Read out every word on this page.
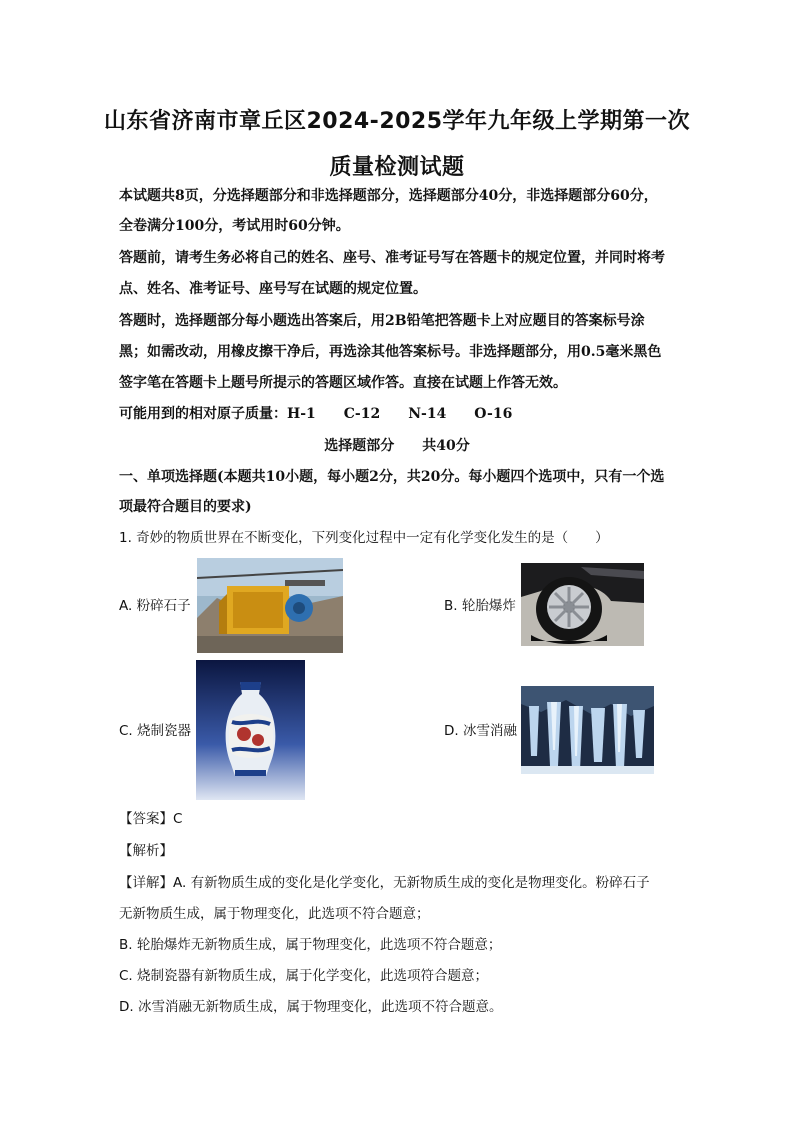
山东省济南市章丘区2024-2025学年九年级上学期第一次
质量检测试题
本试题共8页，分选择题部分和非选择题部分，选择题部分40分，非选择题部分60分，
全卷满分100分，考试用时60分钟。
答题前，请考生务必将自己的姓名、座号、准考证号写在答题卡的规定位置，并同时将考
点、姓名、准考证号、座号写在试题的规定位置。
答题时，选择题部分每小题选出答案后，用2B铅笔把答题卡上对应题目的答案标号涂
黑；如需改动，用橡皮擦干净后，再选涂其他答案标号。非选择题部分，用0.5毫米黑色
签字笔在答题卡上题号所提示的答题区域作答。直接在试题上作答无效。
可能用到的相对原子质量：H-1　　C-12　　N-14　　O-16
选择题部分　　共40分
一、单项选择题(本题共10小题，每小题2分，共20分。每小题四个选项中，只有一个选
项最符合题目的要求)
1. 奇妙的物质世界在不断变化，下列变化过程中一定有化学变化发生的是（　　）
A. 粉碎石子	B. 轮胎爆炸
C. 烧制瓷器	D. 冰雪消融
【答案】C
【解析】
【详解】A. 有新物质生成的变化是化学变化，无新物质生成的变化是物理变化。粉碎石子
无新物质生成，属于物理变化，此选项不符合题意；
B. 轮胎爆炸无新物质生成，属于物理变化，此选项不符合题意；
C. 烧制瓷器有新物质生成，属于化学变化，此选项符合题意；
D. 冰雪消融无新物质生成，属于物理变化，此选项不符合题意。
